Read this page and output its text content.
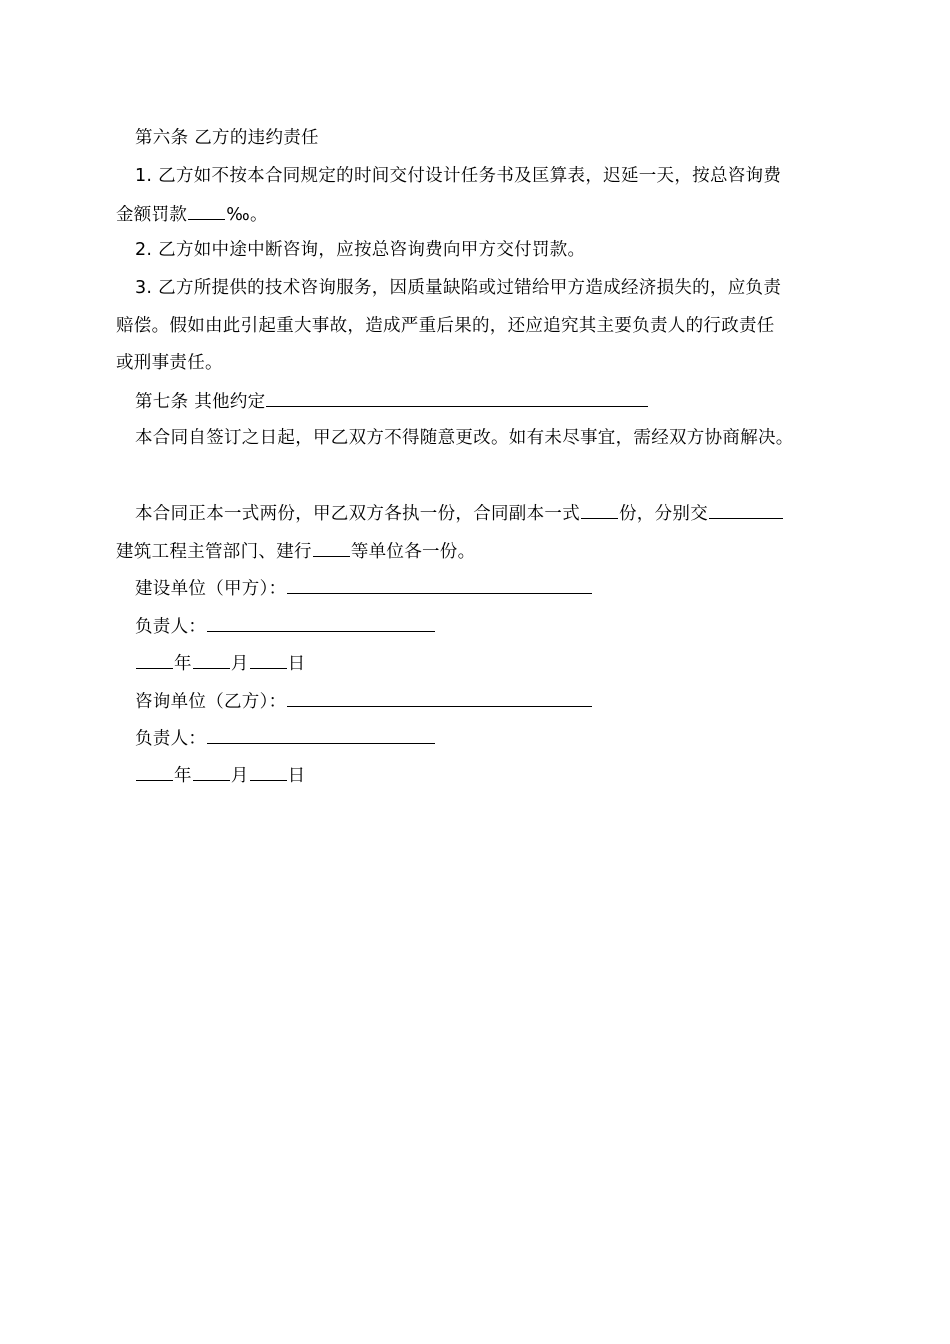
第六条 乙方的违约责任
1. 乙方如不按本合同规定的时间交付设计任务书及匡算表，迟延一天，按总咨询费
金额罚款 ‰。
2. 乙方如中途中断咨询，应按总咨询费向甲方交付罚款。
3. 乙方所提供的技术咨询服务，因质量缺陷或过错给甲方造成经济损失的，应负责
赔偿。假如由此引起重大事故，造成严重后果的，还应追究其主要负责人的行政责任
或刑事责任。
第七条 其他约定
本合同自签订之日起，甲乙双方不得随意更改。如有未尽事宜，需经双方协商解决。
本合同正本一式两份，甲乙双方各执一份，合同副本一式 份，分别交
建筑工程主管部门、建行 等单位各一份。
建设单位（甲方）：
负责人：
年 月 日
咨询单位（乙方）：
负责人：
年 月 日
